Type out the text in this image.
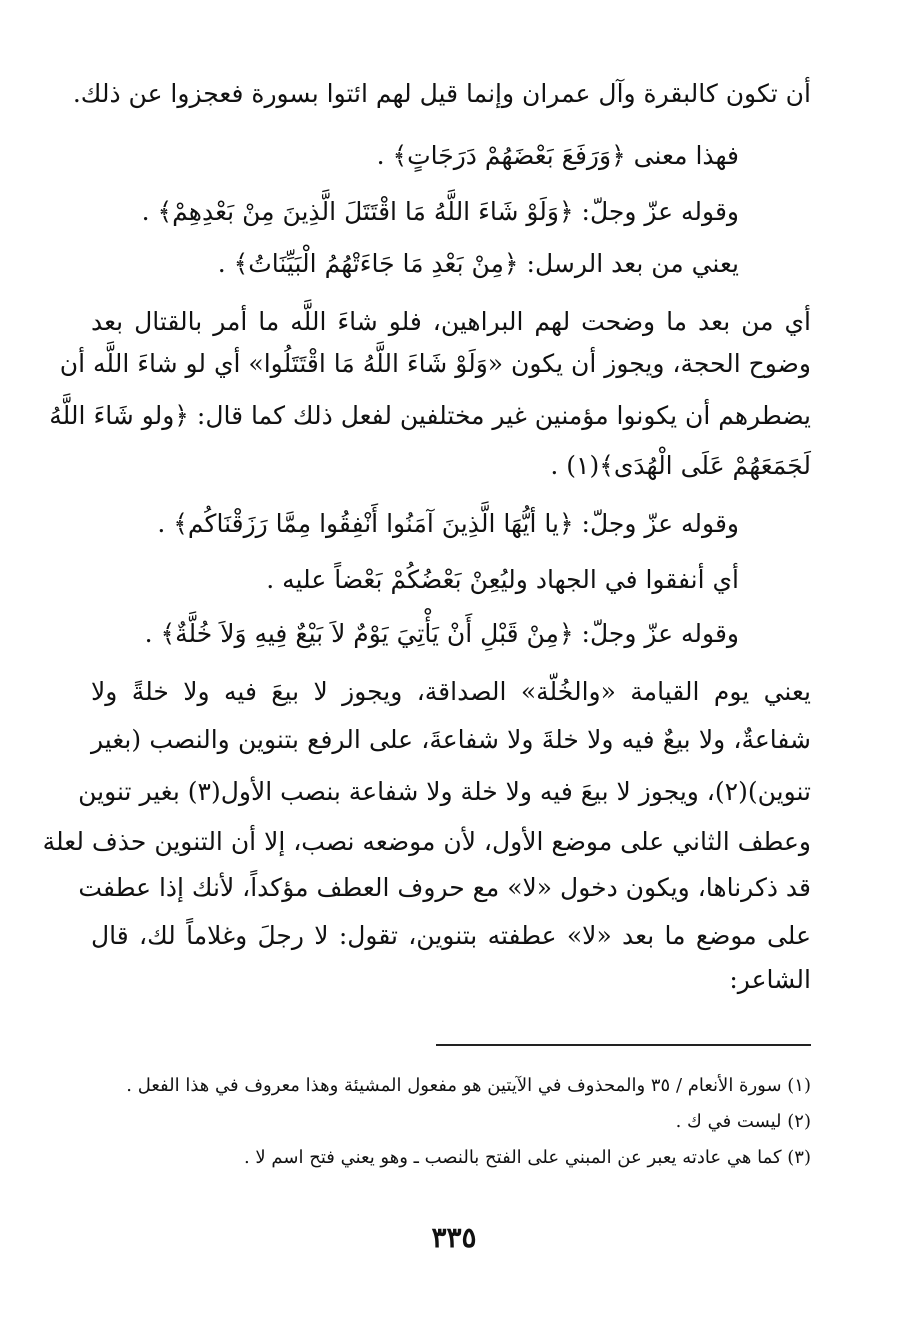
أن تكون كالبقرة وآل عمران وإنما قيل لهم ائتوا بسورة فعجزوا عن ذلك.
فهذا معنى ﴿وَرَفَعَ بَعْضَهُمْ دَرَجَاتٍ﴾ .
وقوله عزّ وجلّ: ﴿وَلَوْ شَاءَ اللَّهُ مَا اقْتَتَلَ الَّذِينَ مِنْ بَعْدِهِمْ﴾ .
يعني من بعد الرسل: ﴿مِنْ بَعْدِ مَا جَاءَتْهُمُ الْبَيِّنَاتُ﴾ .
أي من بعد ما وضحت لهم البراهين، فلو شاءَ اللَّه ما أمر بالقتال بعد
وضوح الحجة، ويجوز أن يكون «وَلَوْ شَاءَ اللَّهُ مَا اقْتَتَلُوا» أي لو شاءَ اللَّه أن
يضطرهم أن يكونوا مؤمنين غير مختلفين لفعل ذلك كما قال: ﴿ولو شَاءَ اللَّهُ
لَجَمَعَهُمْ عَلَى الْهُدَى﴾(١) .
وقوله عزّ وجلّ: ﴿يا أيُّهَا الَّذِينَ آمَنُوا أَنْفِقُوا مِمَّا رَزَقْنَاكُم﴾ .
أي أنفقوا في الجهاد وليُعِنْ بَعْضُكُمْ بَعْضاً عليه .
وقوله عزّ وجلّ: ﴿مِنْ قَبْلِ أَنْ يَأْتِيَ يَوْمٌ لاَ بَيْعٌ فِيهِ وَلاَ خُلَّةٌ﴾ .
يعني يوم القيامة «والخُلّة» الصداقة، ويجوز لا بيعَ فيه ولا خلةً ولا
شفاعةٌ، ولا بيعٌ فيه ولا خلةَ ولا شفاعةَ، على الرفع بتنوين والنصب (بغير
تنوين)(٢)، ويجوز لا بيعَ فيه ولا خلة ولا شفاعة بنصب الأول(٣) بغير تنوين
وعطف الثاني على موضع الأول، لأن موضعه نصب، إلا أن التنوين حذف لعلة
قد ذكرناها، ويكون دخول «لا» مع حروف العطف مؤكداً، لأنك إذا عطفت
على موضع ما بعد «لا» عطفته بتنوين، تقول: لا رجلَ وغلاماً لك، قال
الشاعر:
(١) سورة الأنعام / ٣٥ والمحذوف في الآيتين هو مفعول المشيئة وهذا معروف في هذا الفعل .
(٢) ليست في ك .
(٣) كما هي عادته يعبر عن المبني على الفتح بالنصب ـ وهو يعني فتح اسم لا .
٣٣٥
